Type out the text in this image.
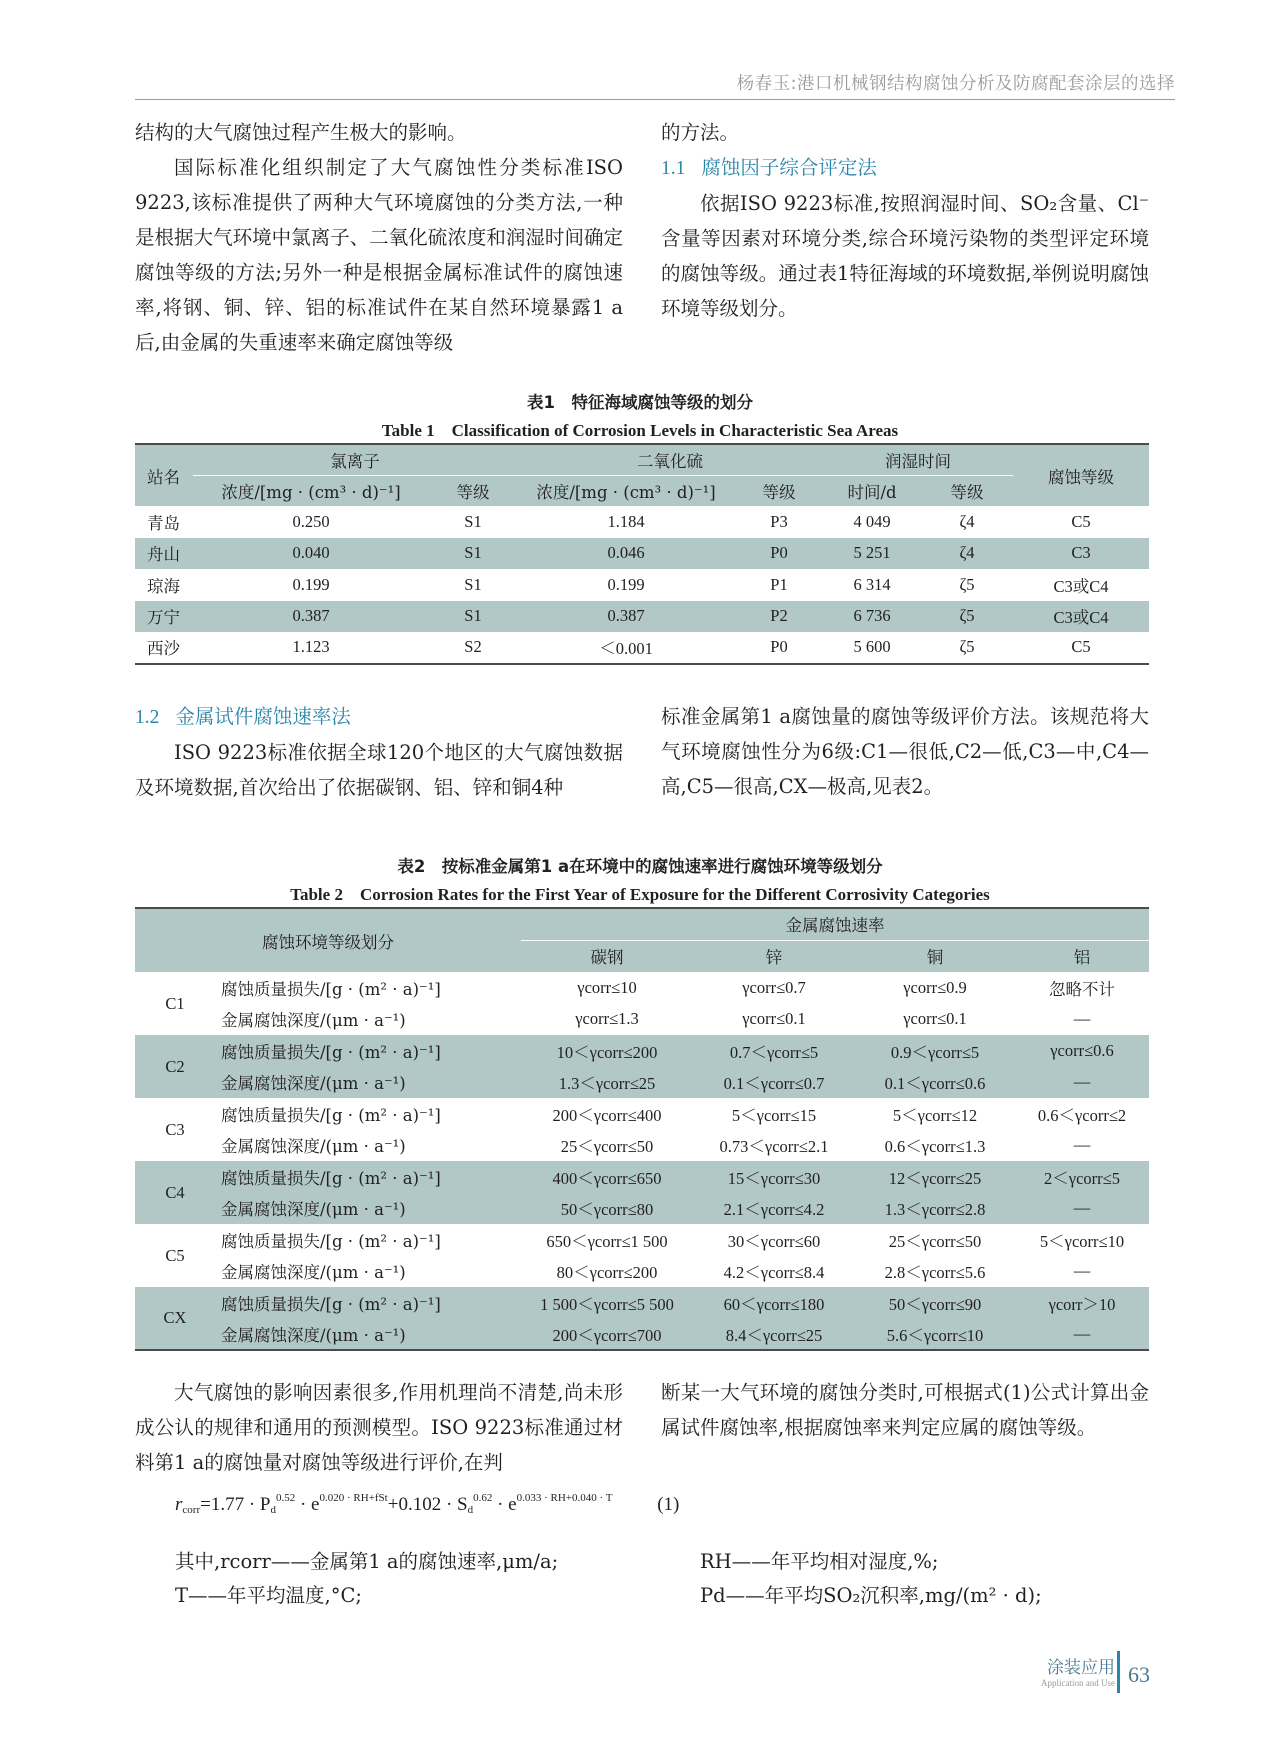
杨春玉:港口机械钢结构腐蚀分析及防腐配套涂层的选择

结构的大气腐蚀过程产生极大的影响。

国际标准化组织制定了大气腐蚀性分类标准ISO 9223,该标准提供了两种大气环境腐蚀的分类方法,一种是根据大气环境中氯离子、二氧化硫浓度和润湿时间确定腐蚀等级的方法;另外一种是根据金属标准试件的腐蚀速率,将钢、铜、锌、铝的标准试件在某自然环境暴露1 a后,由金属的失重速率来确定腐蚀等级

的方法。

1.1 腐蚀因子综合评定法

依据ISO 9223标准,按照润湿时间、SO₂含量、Cl⁻含量等因素对环境分类,综合环境污染物的类型评定环境的腐蚀等级。通过表1特征海域的环境数据,举例说明腐蚀环境等级划分。

表1　特征海域腐蚀等级的划分
Table 1　Classification of Corrosion Levels in Characteristic Sea Areas
站名	氯离子		二氧化硫		润湿时间		腐蚀等级
	浓度/[mg · (cm³ · d)⁻¹]	等级	浓度/[mg · (cm³ · d)⁻¹]	等级	时间/d	等级	
青岛	0.250	S1	1.184	P3	4 049	ζ4	C5
舟山	0.040	S1	0.046	P0	5 251	ζ4	C3
琼海	0.199	S1	0.199	P1	6 314	ζ5	C3或C4
万宁	0.387	S1	0.387	P2	6 736	ζ5	C3或C4
西沙	1.123	S2	＜0.001	P0	5 600	ζ5	C5

1.2 金属试件腐蚀速率法

ISO 9223标准依据全球120个地区的大气腐蚀数据及环境数据,首次给出了依据碳钢、铝、锌和铜4种

标准金属第1 a腐蚀量的腐蚀等级评价方法。该规范将大气环境腐蚀性分为6级:C1—很低,C2—低,C3—中,C4—高,C5—很高,CX—极高,见表2。

表2　按标准金属第1 a在环境中的腐蚀速率进行腐蚀环境等级划分
Table 2　Corrosion Rates for the First Year of Exposure for the Different Corrosivity Categories
腐蚀环境等级划分		金属腐蚀速率			
		碳钢	锌	铜	铝
C1	腐蚀质量损失/[g · (m² · a)⁻¹]	γcorr≤10	γcorr≤0.7	γcorr≤0.9	忽略不计
	金属腐蚀深度/(μm · a⁻¹)	γcorr≤1.3	γcorr≤0.1	γcorr≤0.1	—
C2	腐蚀质量损失/[g · (m² · a)⁻¹]	10＜γcorr≤200	0.7＜γcorr≤5	0.9＜γcorr≤5	γcorr≤0.6
	金属腐蚀深度/(μm · a⁻¹)	1.3＜γcorr≤25	0.1＜γcorr≤0.7	0.1＜γcorr≤0.6	—
C3	腐蚀质量损失/[g · (m² · a)⁻¹]	200＜γcorr≤400	5＜γcorr≤15	5＜γcorr≤12	0.6＜γcorr≤2
	金属腐蚀深度/(μm · a⁻¹)	25＜γcorr≤50	0.73＜γcorr≤2.1	0.6＜γcorr≤1.3	—
C4	腐蚀质量损失/[g · (m² · a)⁻¹]	400＜γcorr≤650	15＜γcorr≤30	12＜γcorr≤25	2＜γcorr≤5
	金属腐蚀深度/(μm · a⁻¹)	50＜γcorr≤80	2.1＜γcorr≤4.2	1.3＜γcorr≤2.8	—
C5	腐蚀质量损失/[g · (m² · a)⁻¹]	650＜γcorr≤1 500	30＜γcorr≤60	25＜γcorr≤50	5＜γcorr≤10
	金属腐蚀深度/(μm · a⁻¹)	80＜γcorr≤200	4.2＜γcorr≤8.4	2.8＜γcorr≤5.6	—
CX	腐蚀质量损失/[g · (m² · a)⁻¹]	1 500＜γcorr≤5 500	60＜γcorr≤180	50＜γcorr≤90	γcorr＞10
	金属腐蚀深度/(μm · a⁻¹)	200＜γcorr≤700	8.4＜γcorr≤25	5.6＜γcorr≤10	—

大气腐蚀的影响因素很多,作用机理尚不清楚,尚未形成公认的规律和通用的预测模型。ISO 9223标准通过材料第1 a的腐蚀量对腐蚀等级进行评价,在判

断某一大气环境的腐蚀分类时,可根据式(1)公式计算出金属试件腐蚀率,根据腐蚀率来判定应属的腐蚀等级。

$r_{corr}=1.77 \cdot P_d^{0.52} \cdot e^{0.020 \cdot RH+fSt}+0.102 \cdot S_d^{0.62} \cdot e^{0.033 \cdot RH+0.040 \cdot T}$ (1)
其中,rcorr——金属第1 a的腐蚀速率,μm/a;
T——年平均温度,°C;
RH——年平均相对湿度,%;
Pd——年平均SO₂沉积率,mg/(m² · d);
涂装应用
Application and Use 63
